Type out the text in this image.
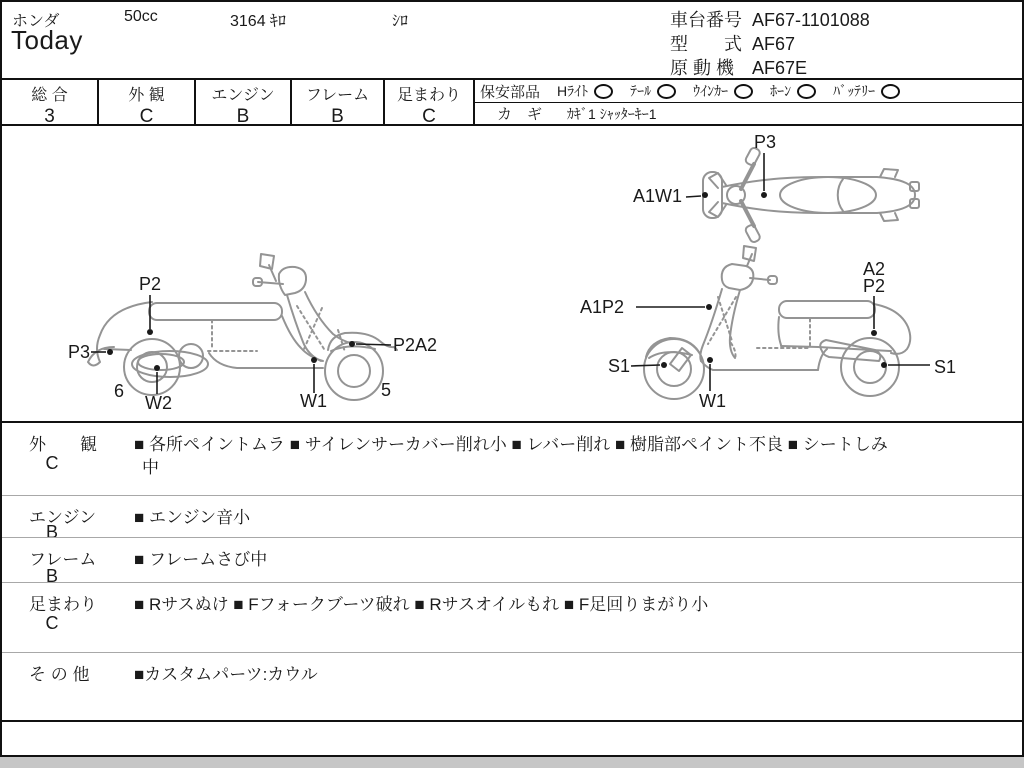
ホンダ	50cc	3164 ｷﾛ	ｼﾛ
Today
車台番号 AF67-1101088
型　　式 AF67
原 動 機 AF67E
総 合
3
外 観
C
エンジン
B
フレーム
B
足まわり
C
保安部品 Hﾗｲﾄ	ﾃｰﾙ	ｳｲﾝｶｰ	ﾎｰﾝ	ﾊﾞｯﾃﾘｰ
カ　ギ ｶｷﾞ1 ｼｬｯﾀｰｷｰ1
P3
A1W1
P2
P3
6
W2	W1
P2A2
5
A1P2
A2
P2
S1	S1
W1
外　　観
C
■ 各所ペイントムラ ■ サイレンサーカバー削れ小 ■ レバー削れ ■ 樹脂部ペイント不良 ■ シートしみ
中
エンジン
B
■ エンジン音小
フレーム
B
■ フレームさび中
足まわり
C
■ Rサスぬけ ■ Fフォークブーツ破れ ■ Rサスオイルもれ ■ F足回りまがり小
そ の 他	■カスタムパーツ:カウル
